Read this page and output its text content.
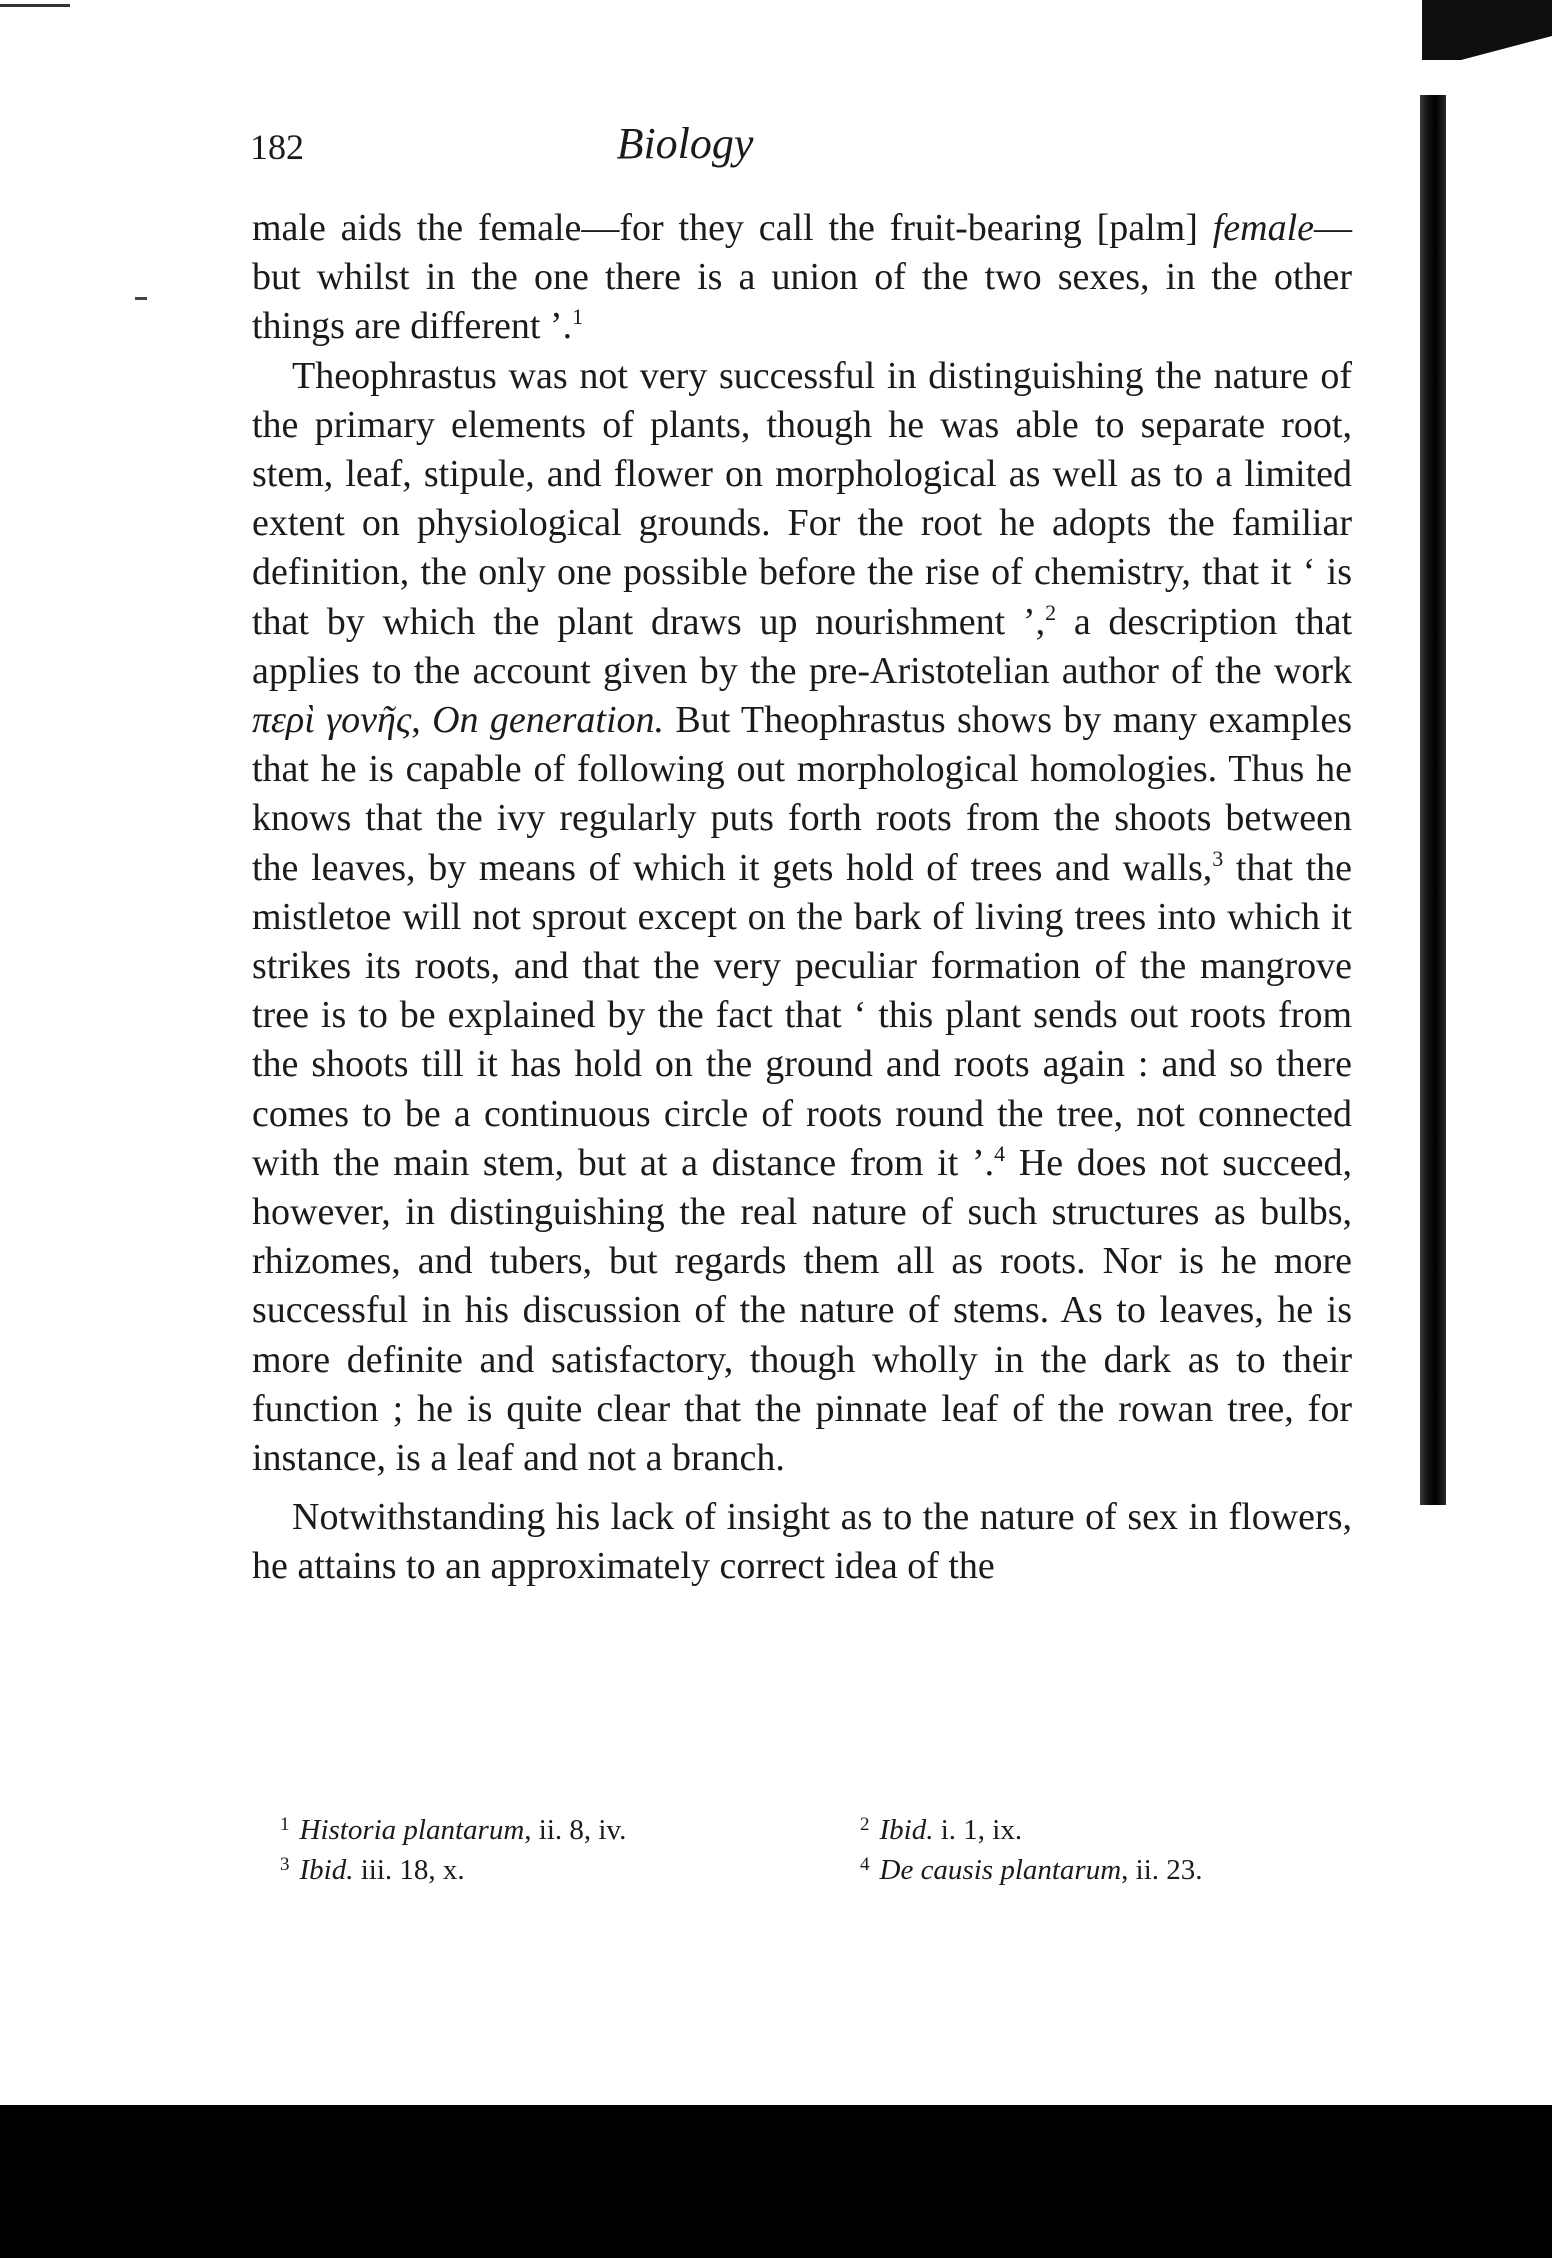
182	Biology

male aids the female—for they call the fruit-bearing [palm] female—but whilst in the one there is a union of the two sexes, in the other things are different ’.$^1$

Theophrastus was not very successful in distinguishing the nature of the primary elements of plants, though he was able to separate root, stem, leaf, stipule, and flower on morphological as well as to a limited extent on physiological grounds. For the root he adopts the familiar definition, the only one possible before the rise of chemistry, that it ‘ is that by which the plant draws up nourishment ’,$^2$ a description that applies to the account given by the pre-Aristotelian author of the work περὶ γονῆς, On generation. But Theophrastus shows by many examples that he is capable of following out morphological homologies. Thus he knows that the ivy regularly puts forth roots from the shoots between the leaves, by means of which it gets hold of trees and walls,$^3$ that the mistletoe will not sprout except on the bark of living trees into which it strikes its roots, and that the very peculiar formation of the mangrove tree is to be explained by the fact that ‘ this plant sends out roots from the shoots till it has hold on the ground and roots again : and so there comes to be a continuous circle of roots round the tree, not connected with the main stem, but at a distance from it ’.$^4$ He does not succeed, however, in distinguishing the real nature of such structures as bulbs, rhizomes, and tubers, but regards them all as roots. Nor is he more successful in his discussion of the nature of stems. As to leaves, he is more definite and satisfactory, though wholly in the dark as to their function ; he is quite clear that the pinnate leaf of the rowan tree, for instance, is a leaf and not a branch.

Notwithstanding his lack of insight as to the nature of sex in flowers, he attains to an approximately correct idea of the

$^1$ Historia plantarum, ii. 8, iv.	$^2$ Ibid. i. 1, ix.
$^3$ Ibid. iii. 18, x.	$^4$ De causis plantarum, ii. 23.
